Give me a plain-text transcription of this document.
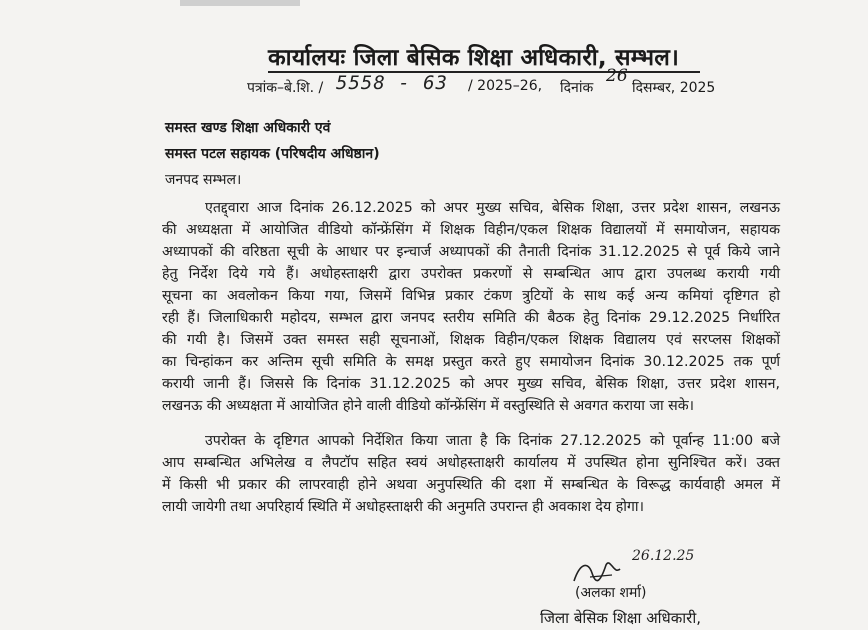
कार्यालयः जिला बेसिक शिक्षा अधिकारी, सम्भल।
पत्रांक–बे.शि. / 5558 - 63 / 2025–26, दिनांक
26
दिसम्बर, 2025
समस्त खण्ड शिक्षा अधिकारी एवं
समस्त पटल सहायक (परिषदीय अधिष्ठान)
जनपद सम्भल।
एतद्द्वारा आज दिनांक 26.12.2025 को अपर मुख्य सचिव, बेसिक शिक्षा, उत्तर प्रदेश शासन, लखनऊ
की अध्यक्षता में आयोजित वीडियो कॉन्फ्रेंसिंग में शिक्षक विहीन/एकल शिक्षक विद्यालयों में समायोजन, सहायक
अध्यापकों की वरिष्ठता सूची के आधार पर इन्चार्ज अध्यापकों की तैनाती दिनांक 31.12.2025 से पूर्व किये जाने
हेतु निर्देश दिये गये हैं। अधोहस्ताक्षरी द्वारा उपरोक्त प्रकरणों से सम्बन्धित आप द्वारा उपलब्ध करायी गयी
सूचना का अवलोकन किया गया, जिसमें विभिन्न प्रकार टंकण त्रुटियों के साथ कई अन्य कमियां दृष्टिगत हो
रही हैं। जिलाधिकारी महोदय, सम्भल द्वारा जनपद स्तरीय समिति की बैठक हेतु दिनांक 29.12.2025 निर्धारित
की गयी है। जिसमें उक्त समस्त सही सूचनाओं, शिक्षक विहीन/एकल शिक्षक विद्यालय एवं सरप्लस शिक्षकों
का चिन्हांकन कर अन्तिम सूची समिति के समक्ष प्रस्तुत करते हुए समायोजन दिनांक 30.12.2025 तक पूर्ण
करायी जानी हैं। जिससे कि दिनांक 31.12.2025 को अपर मुख्य सचिव, बेसिक शिक्षा, उत्तर प्रदेश शासन,
लखनऊ की अध्यक्षता में आयोजित होने वाली वीडियो कॉन्फ्रेंसिंग में वस्तुस्थिति से अवगत कराया जा सके।
उपरोक्त के दृष्टिगत आपको निर्देशित किया जाता है कि दिनांक 27.12.2025 को पूर्वान्ह 11:00 बजे
आप सम्बन्धित अभिलेख व लैपटॉप सहित स्वयं अधोहस्ताक्षरी कार्यालय में उपस्थित होना सुनिश्चित करें। उक्त
में किसी भी प्रकार की लापरवाही होने अथवा अनुपस्थिति की दशा में सम्बन्धित के विरूद्ध कार्यवाही अमल में
लायी जायेगी तथा अपरिहार्य स्थिति में अधोहस्ताक्षरी की अनुमति उपरान्त ही अवकाश देय होगा।
26.12.25
(अलका शर्मा)
जिला बेसिक शिक्षा अधिकारी,
